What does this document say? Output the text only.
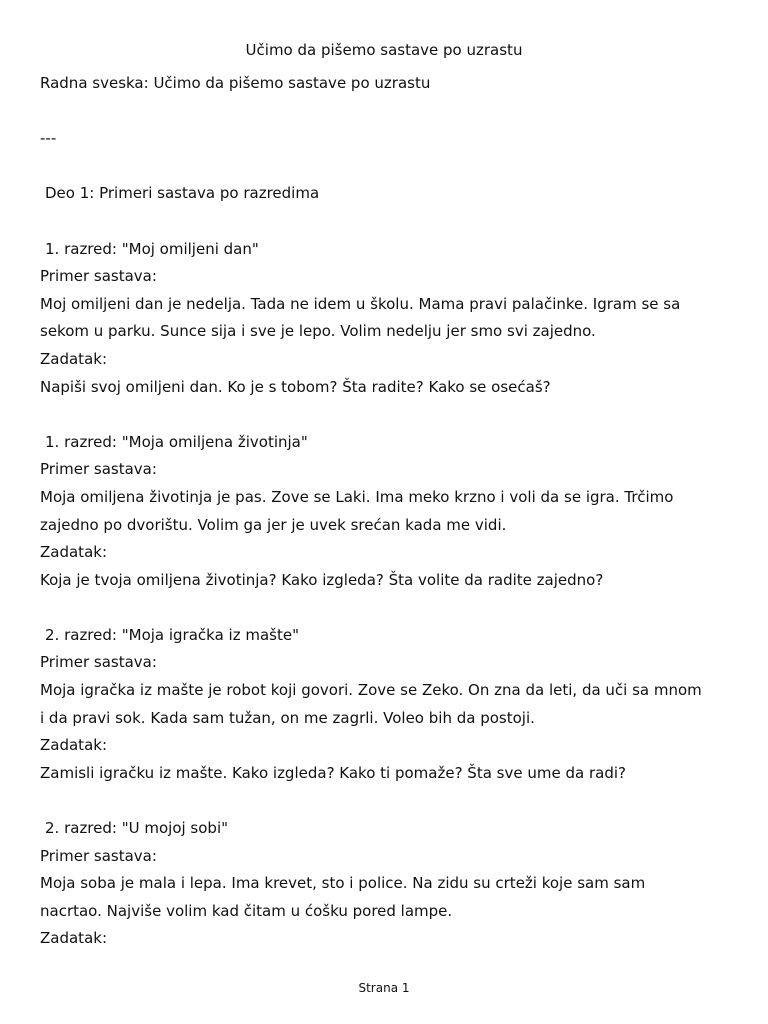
Učimo da pišemo sastave po uzrastu
Radna sveska: Učimo da pišemo sastave po uzrastu
---
Deo 1: Primeri sastava po razredima
1. razred: "Moj omiljeni dan"
Primer sastava:
Moj omiljeni dan je nedelja. Tada ne idem u školu. Mama pravi palačinke. Igram se sa
sekom u parku. Sunce sija i sve je lepo. Volim nedelju jer smo svi zajedno.
Zadatak:
Napiši svoj omiljeni dan. Ko je s tobom? Šta radite? Kako se osećaš?
1. razred: "Moja omiljena životinja"
Primer sastava:
Moja omiljena životinja je pas. Zove se Laki. Ima meko krzno i voli da se igra. Trčimo
zajedno po dvorištu. Volim ga jer je uvek srećan kada me vidi.
Zadatak:
Koja je tvoja omiljena životinja? Kako izgleda? Šta volite da radite zajedno?
2. razred: "Moja igračka iz mašte"
Primer sastava:
Moja igračka iz mašte je robot koji govori. Zove se Zeko. On zna da leti, da uči sa mnom
i da pravi sok. Kada sam tužan, on me zagrli. Voleo bih da postoji.
Zadatak:
Zamisli igračku iz mašte. Kako izgleda? Kako ti pomaže? Šta sve ume da radi?
2. razred: "U mojoj sobi"
Primer sastava:
Moja soba je mala i lepa. Ima krevet, sto i police. Na zidu su crteži koje sam sam
nacrtao. Najviše volim kad čitam u ćošku pored lampe.
Zadatak:
Strana 1
